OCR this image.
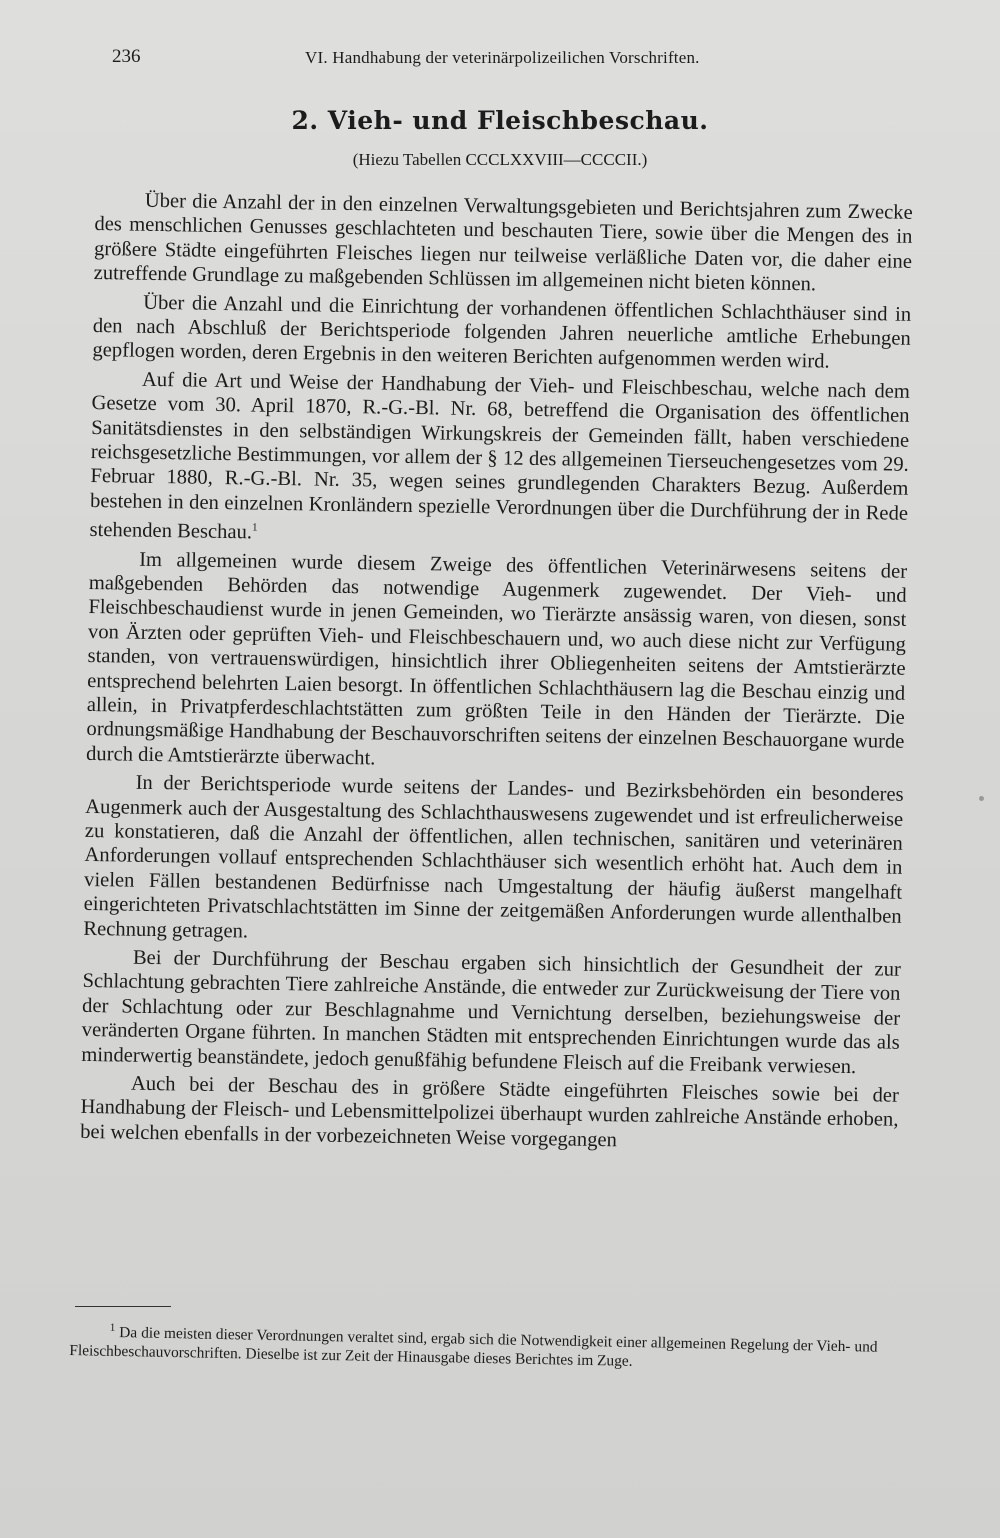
236	VI. Handhabung der veterinärpolizeilichen Vorschriften.
2. Vieh- und Fleischbeschau.
(Hiezu Tabellen CCCLXXVIII—CCCCII.)

Über die Anzahl der in den einzelnen Verwaltungsgebieten und Berichtsjahren zum Zwecke des menschlichen Genusses geschlachteten und beschauten Tiere, sowie über die Mengen des in größere Städte eingeführten Fleisches liegen nur teilweise verläßliche Daten vor, die daher eine zutreffende Grundlage zu maßgebenden Schlüssen im allgemeinen nicht bieten können.

Über die Anzahl und die Einrichtung der vorhandenen öffentlichen Schlachthäuser sind in den nach Abschluß der Berichtsperiode folgenden Jahren neuerliche amtliche Erhebungen gepflogen worden, deren Ergebnis in den weiteren Berichten aufgenommen werden wird.

Auf die Art und Weise der Handhabung der Vieh- und Fleischbeschau, welche nach dem Gesetze vom 30. April 1870, R.-G.-Bl. Nr. 68, betreffend die Organisation des öffentlichen Sanitätsdienstes in den selbständigen Wirkungskreis der Gemeinden fällt, haben verschiedene reichsgesetzliche Bestimmungen, vor allem der § 12 des allgemeinen Tierseuchengesetzes vom 29. Februar 1880, R.-G.-Bl. Nr. 35, wegen seines grundlegenden Charakters Bezug. Außerdem bestehen in den einzelnen Kronländern spezielle Verordnungen über die Durchführung der in Rede stehenden Beschau.$^1$

Im allgemeinen wurde diesem Zweige des öffentlichen Veterinärwesens seitens der maßgebenden Behörden das notwendige Augenmerk zugewendet. Der Vieh- und Fleischbeschaudienst wurde in jenen Gemeinden, wo Tierärzte ansässig waren, von diesen, sonst von Ärzten oder geprüften Vieh- und Fleischbeschauern und, wo auch diese nicht zur Verfügung standen, von vertrauenswürdigen, hinsichtlich ihrer Obliegenheiten seitens der Amtstierärzte entsprechend belehrten Laien besorgt. In öffentlichen Schlachthäusern lag die Beschau einzig und allein, in Privatpferdeschlachtstätten zum größten Teile in den Händen der Tierärzte. Die ordnungsmäßige Handhabung der Beschauvorschriften seitens der einzelnen Beschauorgane wurde durch die Amtstierärzte überwacht.

In der Berichtsperiode wurde seitens der Landes- und Bezirksbehörden ein besonderes Augenmerk auch der Ausgestaltung des Schlachthauswesens zugewendet und ist erfreulicherweise zu konstatieren, daß die Anzahl der öffentlichen, allen technischen, sanitären und veterinären Anforderungen vollauf entsprechenden Schlachthäuser sich wesentlich erhöht hat. Auch dem in vielen Fällen bestandenen Bedürfnisse nach Umgestaltung der häufig äußerst mangelhaft eingerichteten Privatschlachtstätten im Sinne der zeitgemäßen Anforderungen wurde allenthalben Rechnung getragen.

Bei der Durchführung der Beschau ergaben sich hinsichtlich der Gesundheit der zur Schlachtung gebrachten Tiere zahlreiche Anstände, die entweder zur Zurückweisung der Tiere von der Schlachtung oder zur Beschlagnahme und Vernichtung derselben, beziehungsweise der veränderten Organe führten. In manchen Städten mit entsprechenden Einrichtungen wurde das als minderwertig beanständete, jedoch genußfähig befundene Fleisch auf die Freibank verwiesen.

Auch bei der Beschau des in größere Städte eingeführten Fleisches sowie bei der Handhabung der Fleisch- und Lebensmittelpolizei überhaupt wurden zahlreiche Anstände erhoben, bei welchen ebenfalls in der vorbezeichneten Weise vorgegangen

$^1$ Da die meisten dieser Verordnungen veraltet sind, ergab sich die Notwendigkeit einer allgemeinen Regelung der Vieh- und Fleischbeschauvorschriften. Dieselbe ist zur Zeit der Hinausgabe dieses Berichtes im Zuge.
